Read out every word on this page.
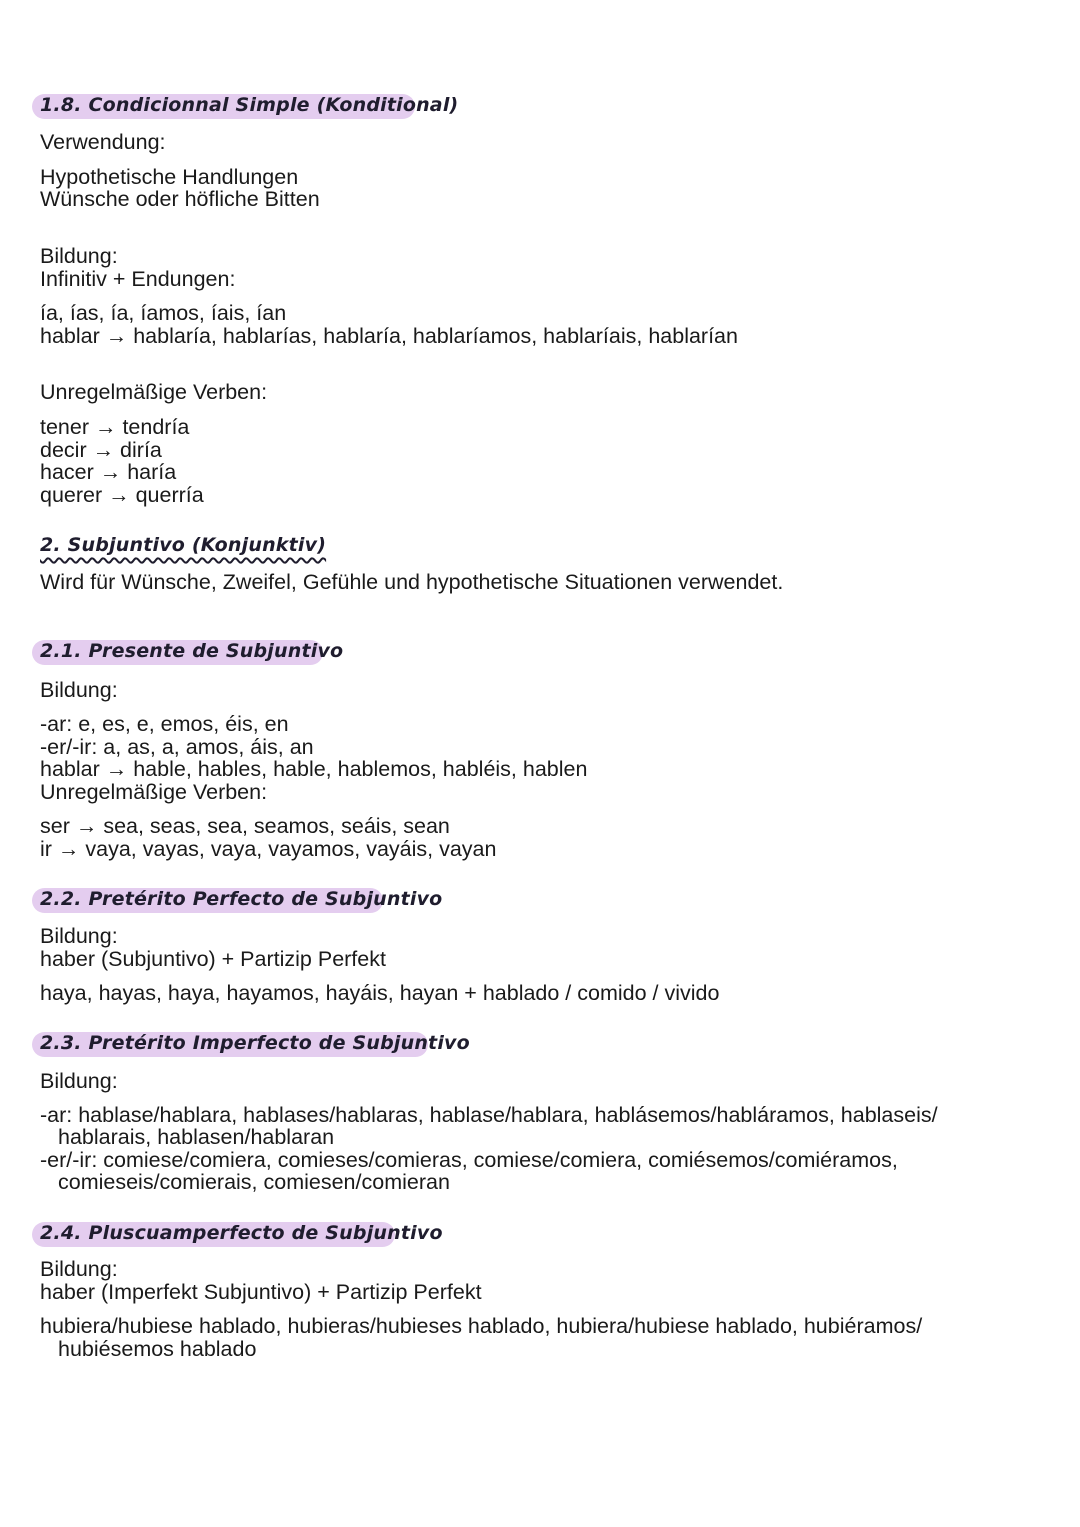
1.8. Condicionnal Simple (Konditional)
Verwendung:
Hypothetische Handlungen
Wünsche oder höfliche Bitten
Bildung:
Infinitiv + Endungen:
ía, ías, ía, íamos, íais, ían
hablar → hablaría, hablarías, hablaría, hablaríamos, hablaríais, hablarían
Unregelmäßige Verben:
tener → tendría
decir → diría
hacer → haría
querer → querría
2. Subjuntivo (Konjunktiv)
Wird für Wünsche, Zweifel, Gefühle und hypothetische Situationen verwendet.
2.1. Presente de Subjuntivo
Bildung:
-ar: e, es, e, emos, éis, en
-er/-ir: a, as, a, amos, áis, an
hablar → hable, hables, hable, hablemos, habléis, hablen
Unregelmäßige Verben:
ser → sea, seas, sea, seamos, seáis, sean
ir → vaya, vayas, vaya, vayamos, vayáis, vayan
2.2. Pretérito Perfecto de Subjuntivo
Bildung:
haber (Subjuntivo) + Partizip Perfekt
haya, hayas, haya, hayamos, hayáis, hayan + hablado / comido / vivido
2.3. Pretérito Imperfecto de Subjuntivo
Bildung:
-ar: hablase/hablara, hablases/hablaras, hablase/hablara, hablásemos/habláramos, hablaseis/
hablarais, hablasen/hablaran
-er/-ir: comiese/comiera, comieses/comieras, comiese/comiera, comiésemos/comiéramos,
comieseis/comierais, comiesen/comieran
2.4. Pluscuamperfecto de Subjuntivo
Bildung:
haber (Imperfekt Subjuntivo) + Partizip Perfekt
hubiera/hubiese hablado, hubieras/hubieses hablado, hubiera/hubiese hablado, hubiéramos/
hubiésemos hablado
